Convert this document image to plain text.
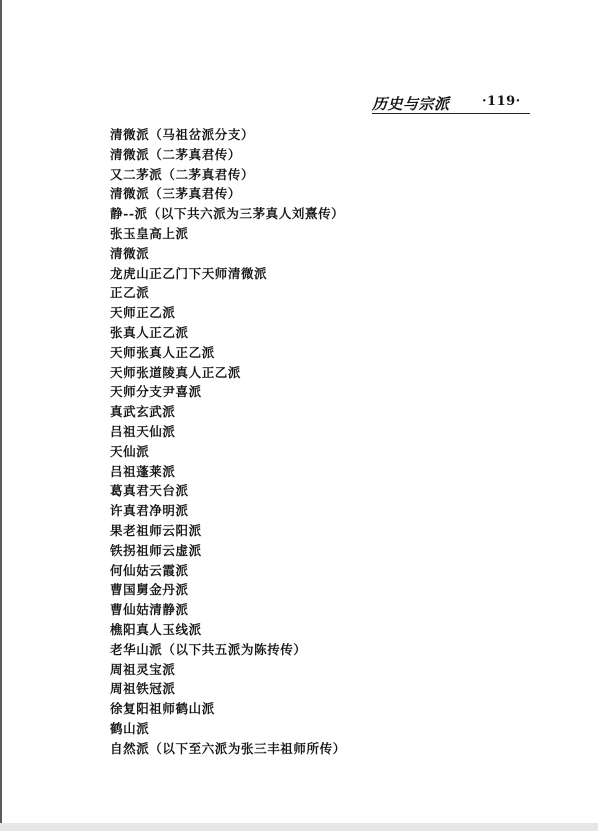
历史与宗派 ·119·
清微派（马祖岔派分支）
清微派（二茅真君传）
又二茅派（二茅真君传）
清微派（三茅真君传）
静--派（以下共六派为三茅真人刘熹传）
张玉皇高上派
清微派
龙虎山正乙门下天师清微派
正乙派
天师正乙派
张真人正乙派
天师张真人正乙派
天师张道陵真人正乙派
天师分支尹喜派
真武玄武派
吕祖天仙派
天仙派
吕祖蓬莱派
葛真君天台派
许真君净明派
果老祖师云阳派
铁拐祖师云虚派
何仙姑云霞派
曹国舅金丹派
曹仙姑清静派
樵阳真人玉线派
老华山派（以下共五派为陈抟传）
周祖灵宝派
周祖铁冠派
徐复阳祖师鹤山派
鹤山派
自然派（以下至六派为张三丰祖师所传）
